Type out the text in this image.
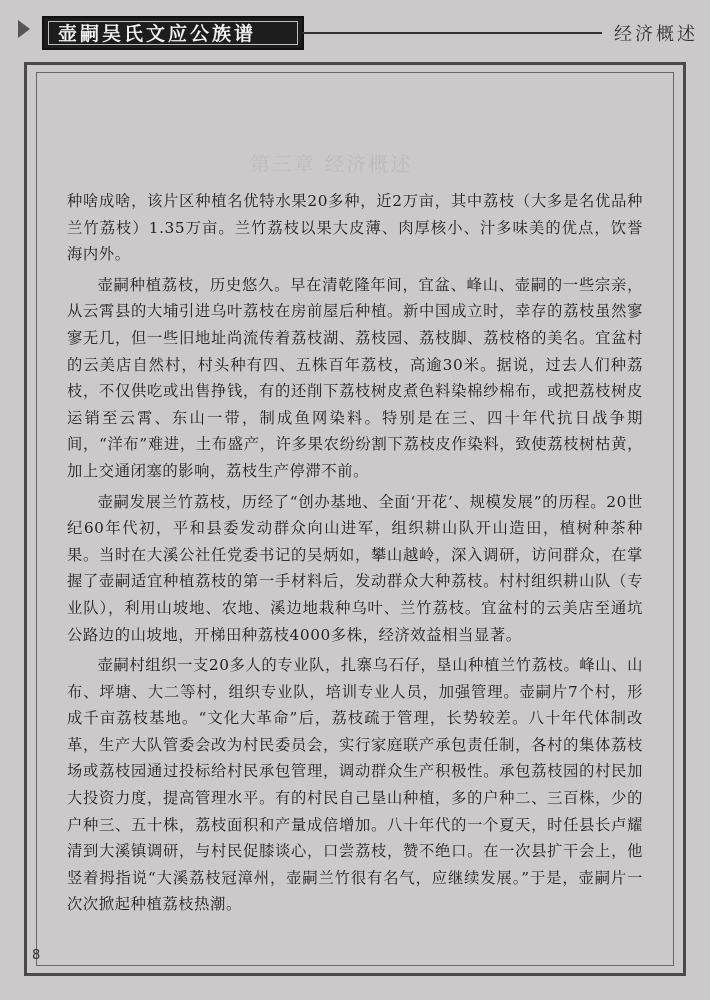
壶嗣吴氏文应公族谱	经济概述
第三章 经济概述

种啥成啥，该片区种植名优特水果20多种，近2万亩，其中荔枝（大多是名优品种兰竹荔枝）1.35万亩。兰竹荔枝以果大皮薄、肉厚核小、汁多味美的优点，饮誉海内外。

壶嗣种植荔枝，历史悠久。早在清乾隆年间，宜盆、峰山、壶嗣的一些宗亲，从云霄县的大埔引进乌叶荔枝在房前屋后种植。新中国成立时，幸存的荔枝虽然寥寥无几，但一些旧地址尚流传着荔枝湖、荔枝园、荔枝脚、荔枝格的美名。宜盆村的云美店自然村，村头种有四、五株百年荔枝，高逾30米。据说，过去人们种荔枝，不仅供吃或出售挣钱，有的还削下荔枝树皮煮色料染棉纱棉布，或把荔枝树皮运销至云霄、东山一带，制成鱼网染料。特别是在三、四十年代抗日战争期间，“洋布”难进，土布盛产，许多果农纷纷割下荔枝皮作染料，致使荔枝树枯黄，加上交通闭塞的影响，荔枝生产停滞不前。

壶嗣发展兰竹荔枝，历经了“创办基地、全面‘开花’、规模发展”的历程。20世纪60年代初，平和县委发动群众向山进军，组织耕山队开山造田，植树种茶种果。当时在大溪公社任党委书记的吴炳如，攀山越岭，深入调研，访问群众，在掌握了壶嗣适宜种植荔枝的第一手材料后，发动群众大种荔枝。村村组织耕山队（专业队），利用山坡地、农地、溪边地栽种乌叶、兰竹荔枝。宜盆村的云美店至通坑公路边的山坡地，开梯田种荔枝4000多株，经济效益相当显著。

壶嗣村组织一支20多人的专业队，扎寨乌石仔，垦山种植兰竹荔枝。峰山、山布、坪塘、大二等村，组织专业队，培训专业人员，加强管理。壶嗣片7个村，形成千亩荔枝基地。“文化大革命”后，荔枝疏于管理，长势较差。八十年代体制改革，生产大队管委会改为村民委员会，实行家庭联产承包责任制，各村的集体荔枝场或荔枝园通过投标给村民承包管理，调动群众生产积极性。承包荔枝园的村民加大投资力度，提高管理水平。有的村民自己垦山种植，多的户种二、三百株，少的户种三、五十株，荔枝面积和产量成倍增加。八十年代的一个夏天，时任县长卢耀清到大溪镇调研，与村民促膝谈心，口尝荔枝，赞不绝口。在一次县扩干会上，他竖着拇指说“大溪荔枝冠漳州，壶嗣兰竹很有名气，应继续发展。”于是，壶嗣片一次次掀起种植荔枝热潮。

8
